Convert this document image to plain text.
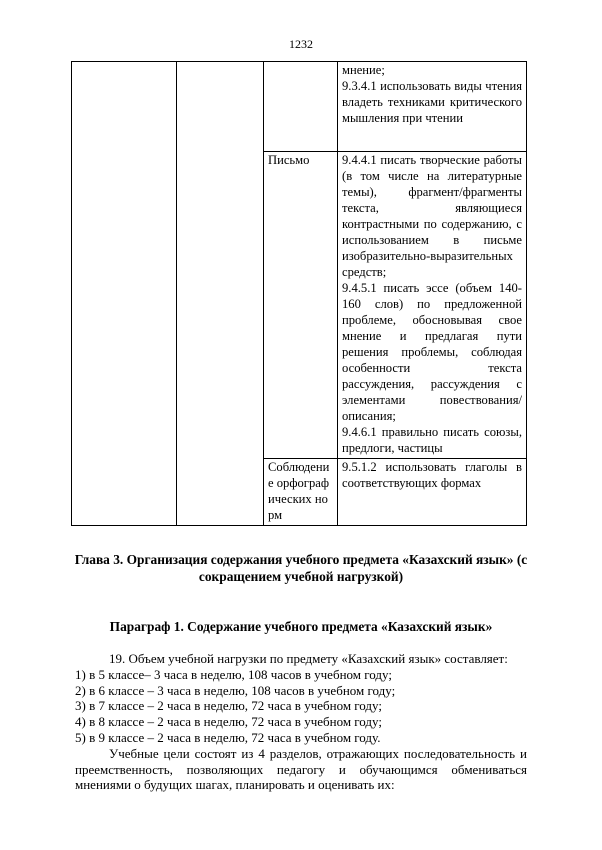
1232

			мнение;
9.3.4.1 использовать виды чтения владеть техниками критического мышления при чтении

		Письмо	9.4.4.1 писать творческие работы (в том числе на литературные темы), фрагмент/фрагменты текста, являющиеся контрастными по содержанию, с использованием в письме изобразительно-выразительных средств;
9.4.5.1 писать эссе (объем 140-160 слов) по предложенной проблеме, обосновывая свое мнение и предлагая пути решения проблемы, соблюдая особенности текста рассуждения, рассуждения с элементами повествования/ описания;
9.4.6.1 правильно писать союзы, предлоги, частицы

		Соблюдение орфографических норм	9.5.1.2 использовать глаголы в соответствующих формах
Глава 3. Организация содержания учебного предмета «Казахский язык» (с сокращением учебной нагрузкой)
Параграф 1. Содержание учебного предмета «Казахский язык»
19. Объем учебной нагрузки по предмету «Казахский язык» составляет:
1) в 5 классе– 3 часа в неделю, 108 часов в учебном году;
2) в 6 классе – 3 часа в неделю, 108 часов в учебном году;
3) в 7 классе – 2 часа в неделю, 72 часа в учебном году;
4) в 8 классе – 2 часа в неделю, 72 часа в учебном году;
5) в 9 классе – 2 часа в неделю, 72 часа в учебном году.
Учебные цели состоят из 4 разделов, отражающих последовательность и преемственность, позволяющих педагогу и обучающимся обмениваться мнениями о будущих шагах, планировать и оценивать их:
